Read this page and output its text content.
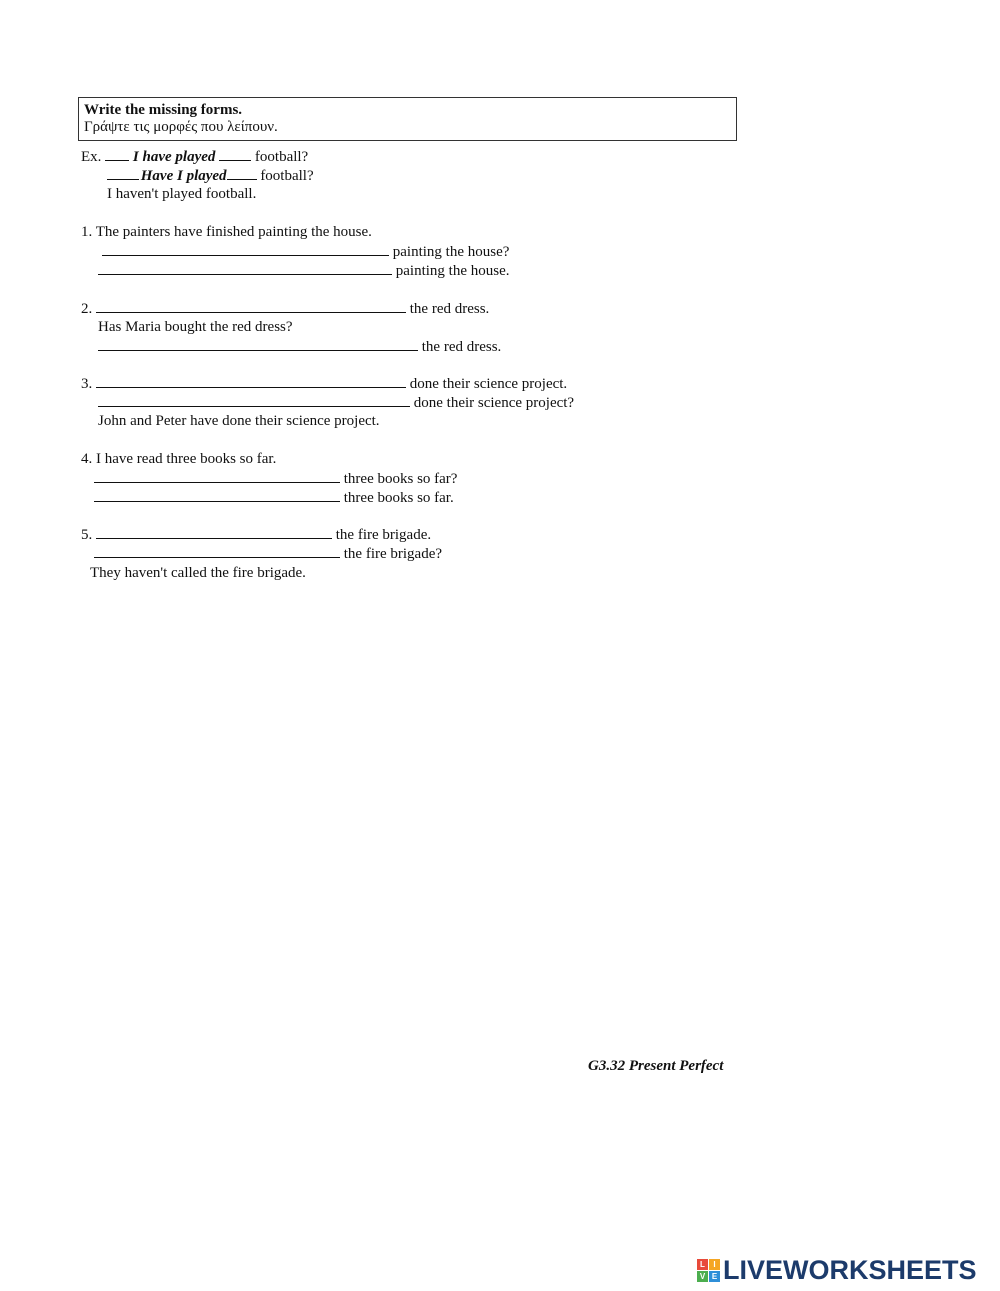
Write the missing forms.
Γράψτε τις μορφές που λείπουν.
Ex. I have played	football?
Have I played football?
I haven't played football.
1. The painters have finished painting the house.
painting the house?
painting the house.
2.	the red dress.
Has Maria bought the red dress?
the red dress.
3.	done their science project.
done their science project?
John and Peter have done their science project.
4. I have read three books so far.
three books so far?
three books so far.
5.	the fire brigade.
the fire brigade?
They haven't called the fire brigade.
G3.32 Present Perfect
L	I
V E LIVEWORKSHEETS
